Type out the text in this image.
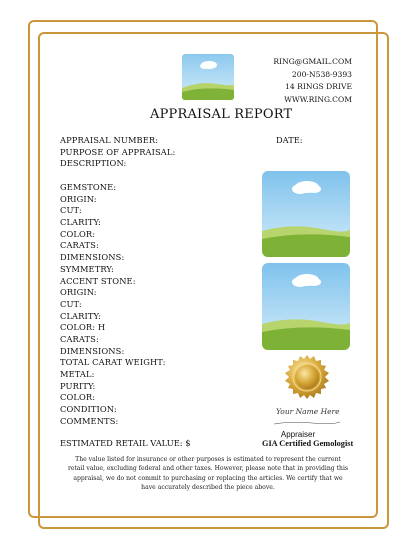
RING@GMAIL.COM
200-N538-9393
14 RINGS DRIVE
WWW.RING.COM
APPRAISAL REPORT
APPRAISAL NUMBER:
PURPOSE OF APPRAISAL:
DESCRIPTION:
DATE:
GEMSTONE:
ORIGIN:
CUT:
CLARITY:
COLOR:
CARATS:
DIMENSIONS:
SYMMETRY:
ACCENT STONE:
ORIGIN:
CUT:
CLARITY:
COLOR: H
CARATS:
DIMENSIONS:
TOTAL CARAT WEIGHT:
METAL:
PURITY:
COLOR:
CONDITION:
COMMENTS:
ESTIMATED RETAIL VALUE: $
Your Name Here
Appraiser
GIA Certified Gemologist
The value listed for insurance or other purposes is estimated to represent the current retail value, excluding federal and other taxes. However, please note that in providing this appraisal, we do not commit to purchasing or replacing the articles. We certify that we have accurately described the piece above.
